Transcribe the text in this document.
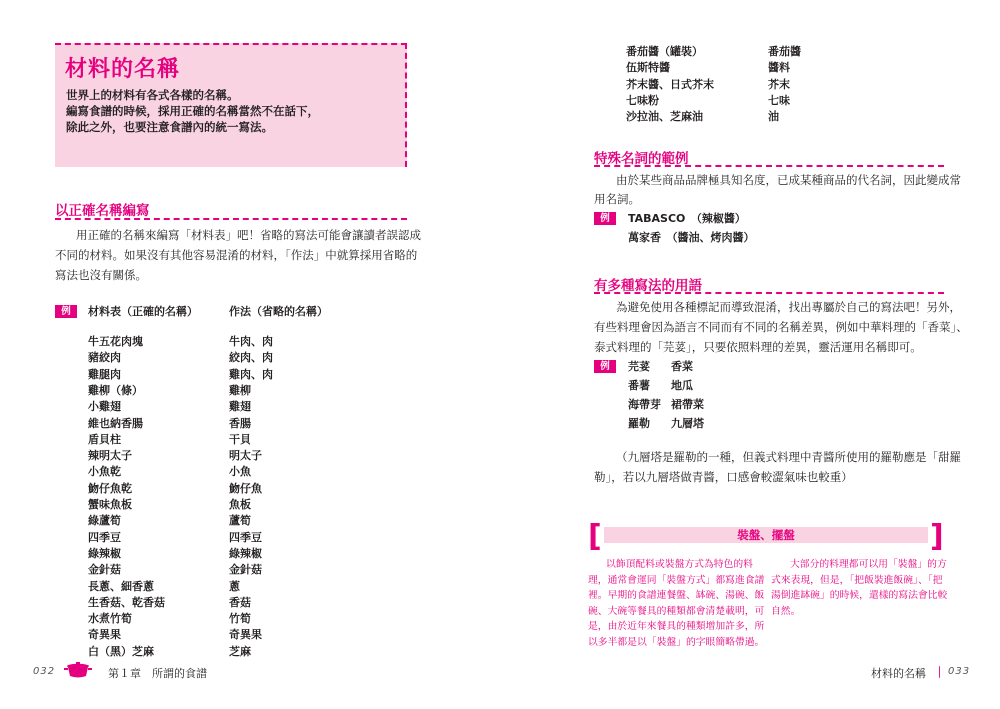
材料的名稱
世界上的材料有各式各樣的名稱。
編寫食譜的時候，採用正確的名稱當然不在話下，
除此之外，也要注意食譜內的統一寫法。
以正確名稱編寫
用正確的名稱來編寫「材料表」吧！省略的寫法可能會讓讀者誤認成
不同的材料。如果沒有其他容易混淆的材料，「作法」中就算採用省略的
寫法也沒有關係。
例	材料表（正確的名稱）	作法（省略的名稱）
牛五花肉塊	牛肉、肉
豬絞肉	絞肉、肉
雞腿肉	雞肉、肉
雞柳（條）	雞柳
小雞翅	雞翅
維也納香腸	香腸
盾貝柱	干貝
辣明太子	明太子
小魚乾	小魚
魩仔魚乾	魩仔魚
蟹味魚板	魚板
綠蘆筍	蘆筍
四季豆	四季豆
綠辣椒	綠辣椒
金針菇	金針菇
長蔥、細香蔥	蔥
生香菇、乾香菇	香菇
水煮竹筍	竹筍
奇異果	奇異果
白（黑）芝麻	芝麻
番茄醬（罐裝）	番茄醬
伍斯特醬	醬料
芥末醬、日式芥末	芥末
七味粉	七味
沙拉油、芝麻油	油
特殊名詞的範例
由於某些商品品牌極具知名度，已成某種商品的代名詞，因此變成常
用名詞。
例	TABASCO　（辣椒醬）
萬家香　（醬油、烤肉醬）
有多種寫法的用語
為避免使用各種標記而導致混淆，找出專屬於自己的寫法吧！另外，
有些料理會因為語言不同而有不同的名稱差異，例如中華料理的「香菜」、
泰式料理的「芫荽」，只要依照料理的差異，靈活運用名稱即可。
例	芫荽 香菜
番薯 地瓜
海帶芽 裙帶菜
羅勒 九層塔
（九層塔是羅勒的一種，但義式料理中青醬所使用的羅勒應是「甜羅
勒」，若以九層塔做青醬，口感會較澀氣味也較重）
[	]
裝盤、擺盤
以飾頂配料或裝盤方式為特色的料
理，通常會運同「裝盤方式」都寫進食譜
裡。早期的食譜連餐盤、缽碗、湯碗、飯
碗、大碗等餐具的種類都會清楚載明，可
是，由於近年來餐具的種類增加許多，所
以多半都是以「裝盤」的字眼簡略帶過。
大部分的料理都可以用「裝盤」的方
式來表現，但是，「把飯裝進飯碗」、「把
湯倒進缽碗」的時候，還樣的寫法會比較
自然。
032	第１章　所謂的食譜	材料的名稱 ｜ 033
